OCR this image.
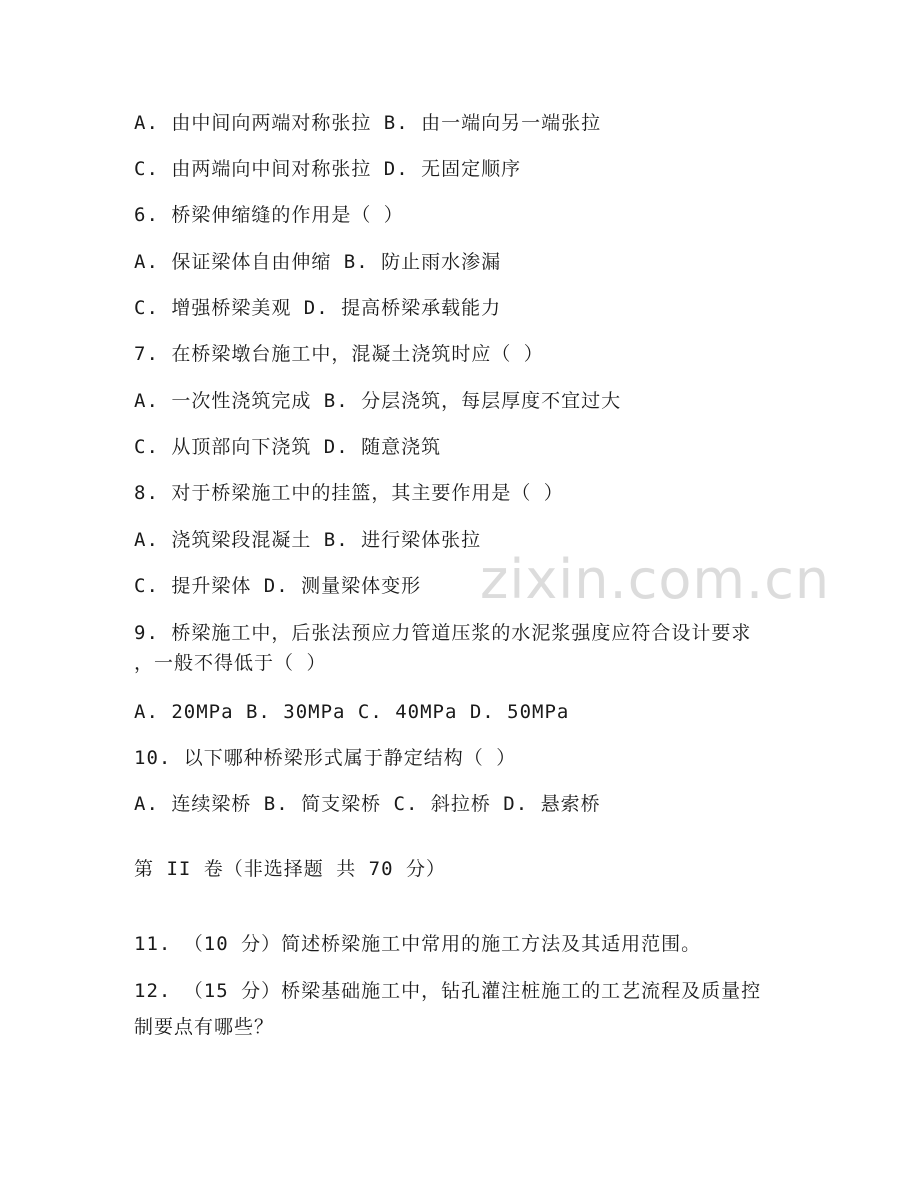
A. 由中间向两端对称张拉 B. 由一端向另一端张拉
C. 由两端向中间对称张拉 D. 无固定顺序
6. 桥梁伸缩缝的作用是（ ）
A. 保证梁体自由伸缩 B. 防止雨水渗漏
C. 增强桥梁美观 D. 提高桥梁承载能力
7. 在桥梁墩台施工中，混凝土浇筑时应（ ）
A. 一次性浇筑完成 B. 分层浇筑，每层厚度不宜过大
C. 从顶部向下浇筑 D. 随意浇筑
8. 对于桥梁施工中的挂篮，其主要作用是（ ）
A. 浇筑梁段混凝土 B. 进行梁体张拉
C. 提升梁体 D. 测量梁体变形
9. 桥梁施工中，后张法预应力管道压浆的水泥浆强度应符合设计要求
，一般不得低于（ ）
A. 20MPa B. 30MPa C. 40MPa D. 50MPa
10. 以下哪种桥梁形式属于静定结构（ ）
A. 连续梁桥 B. 简支梁桥 C. 斜拉桥 D. 悬索桥
第 II 卷（非选择题 共 70 分）
11. （10 分）简述桥梁施工中常用的施工方法及其适用范围。
12. （15 分）桥梁基础施工中，钻孔灌注桩施工的工艺流程及质量控
制要点有哪些？
zixin.com.cn
